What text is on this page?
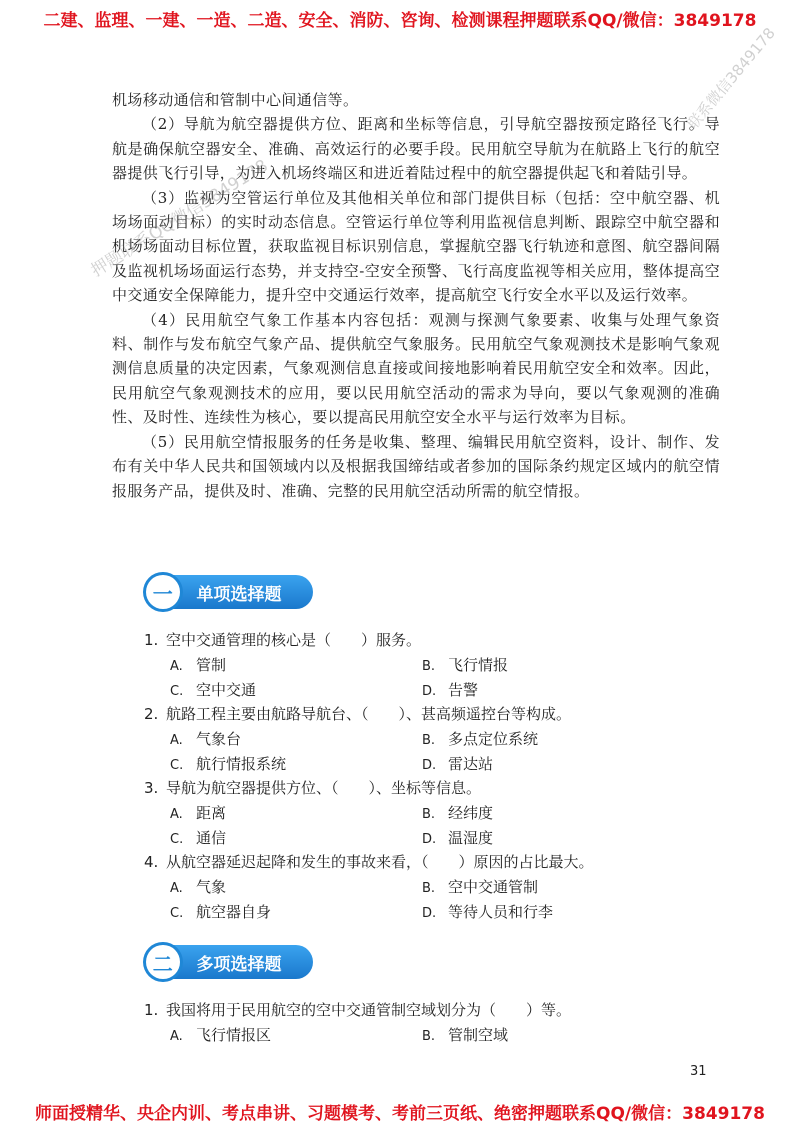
二建、监理、一建、一造、二造、安全、消防、咨询、检测课程押题联系QQ/微信：3849178

机场移动通信和管制中心间通信等。

（2）导航为航空器提供方位、距离和坐标等信息，引导航空器按预定路径飞行。导航是确保航空器安全、准确、高效运行的必要手段。民用航空导航为在航路上飞行的航空器提供飞行引导，为进入机场终端区和进近着陆过程中的航空器提供起飞和着陆引导。

（3）监视为空管运行单位及其他相关单位和部门提供目标（包括：空中航空器、机场场面动目标）的实时动态信息。空管运行单位等利用监视信息判断、跟踪空中航空器和机场场面动目标位置，获取监视目标识别信息，掌握航空器飞行轨迹和意图、航空器间隔及监视机场场面运行态势，并支持空-空安全预警、飞行高度监视等相关应用，整体提高空中交通安全保障能力，提升空中交通运行效率，提高航空飞行安全水平以及运行效率。

（4）民用航空气象工作基本内容包括：观测与探测气象要素、收集与处理气象资料、制作与发布航空气象产品、提供航空气象服务。民用航空气象观测技术是影响气象观测信息质量的决定因素，气象观测信息直接或间接地影响着民用航空安全和效率。因此，民用航空气象观测技术的应用，要以民用航空活动的需求为导向，要以气象观测的准确性、及时性、连续性为核心，要以提高民用航空安全水平与运行效率为目标。

（5）民用航空情报服务的任务是收集、整理、编辑民用航空资料，设计、制作、发布有关中华人民共和国领域内以及根据我国缔结或者参加的国际条约规定区域内的航空情报服务产品，提供及时、准确、完整的民用航空活动所需的航空情报。

一	单项选择题
1. 空中交通管理的核心是（　　）服务。
A. 管制	B. 飞行情报
C. 空中交通	D. 告警
2. 航路工程主要由航路导航台、（　　）、甚高频遥控台等构成。
A. 气象台	B. 多点定位系统
C. 航行情报系统	D. 雷达站
3. 导航为航空器提供方位、（　　）、坐标等信息。
A. 距离	B. 经纬度
C. 通信	D. 温湿度
4. 从航空器延迟起降和发生的事故来看，（　　）原因的占比最大。
A. 气象	B. 空中交通管制
C. 航空器自身	D. 等待人员和行李
二	多项选择题
1. 我国将用于民用航空的空中交通管制空域划分为（　　）等。
A. 飞行情报区	B. 管制空域
31
押题联系QQ微信3849178
联系微信3849178
师面授精华、央企内训、考点串讲、习题模考、考前三页纸、绝密押题联系QQ/微信：3849178
